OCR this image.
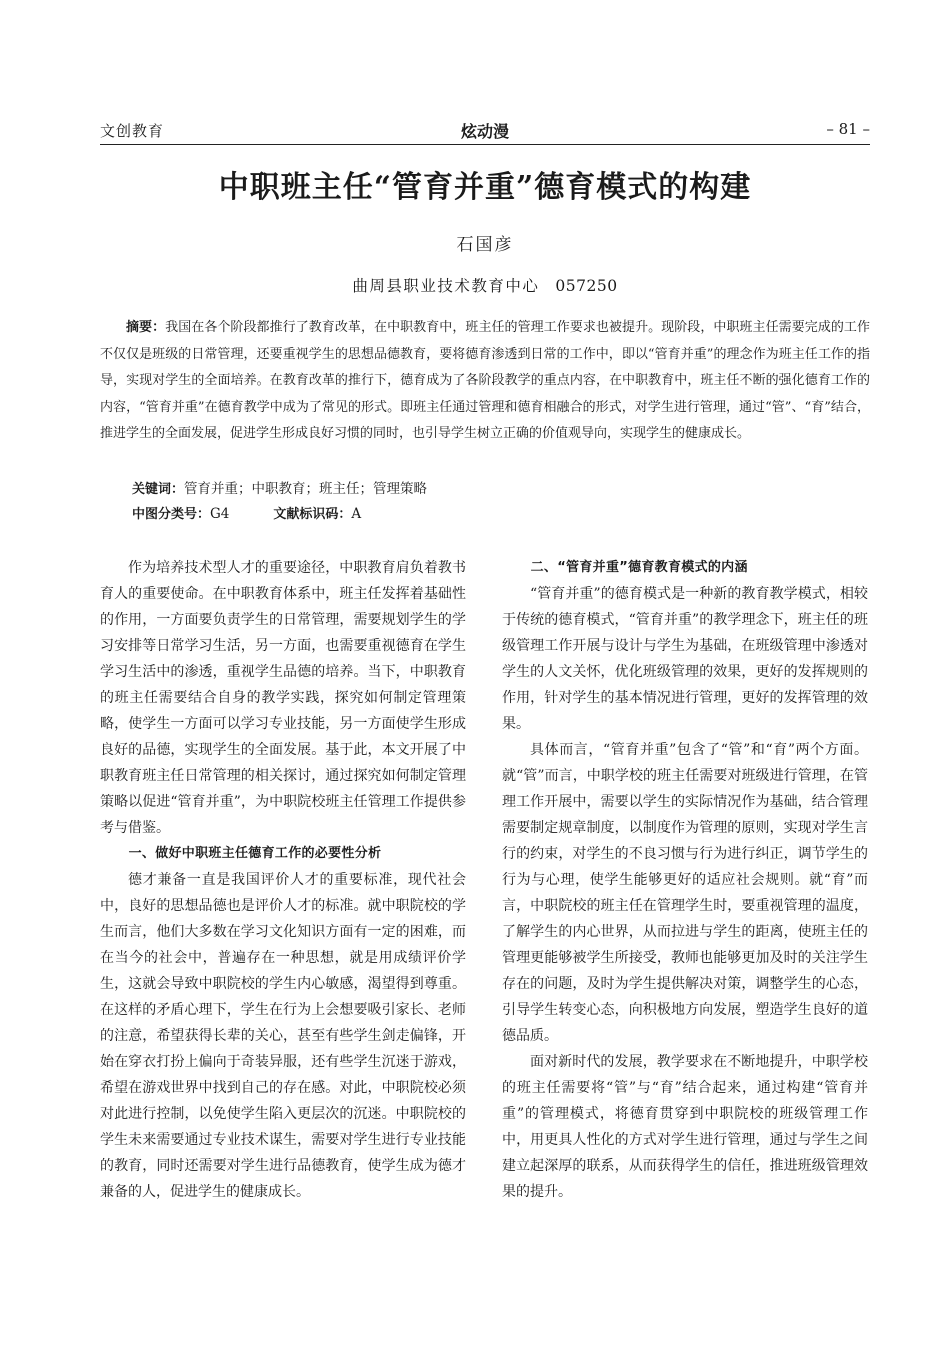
文创教育	炫动漫	– 81 –
中职班主任“管育并重”德育模式的构建
石国彦
曲周县职业技术教育中心 057250

摘要：我国在各个阶段都推行了教育改革，在中职教育中，班主任的管理工作要求也被提升。现阶段，中职班主任需要完成的工作不仅仅是班级的日常管理，还要重视学生的思想品德教育，要将德育渗透到日常的工作中，即以“管育并重”的理念作为班主任工作的指导，实现对学生的全面培养。在教育改革的推行下，德育成为了各阶段教学的重点内容，在中职教育中，班主任不断的强化德育工作的内容，“管育并重”在德育教学中成为了常见的形式。即班主任通过管理和德育相融合的形式，对学生进行管理，通过“管”、“育”结合，推进学生的全面发展，促进学生形成良好习惯的同时，也引导学生树立正确的价值观导向，实现学生的健康成长。

关键词：管育并重；中职教育；班主任；管理策略
中图分类号：G4	文献标识码：A

作为培养技术型人才的重要途径，中职教育肩负着教书育人的重要使命。在中职教育体系中，班主任发挥着基础性的作用，一方面要负责学生的日常管理，需要规划学生的学习安排等日常学习生活，另一方面，也需要重视德育在学生学习生活中的渗透，重视学生品德的培养。当下，中职教育的班主任需要结合自身的教学实践，探究如何制定管理策略，使学生一方面可以学习专业技能，另一方面使学生形成良好的品德，实现学生的全面发展。基于此，本文开展了中职教育班主任日常管理的相关探讨，通过探究如何制定管理策略以促进“管育并重”，为中职院校班主任管理工作提供参考与借鉴。

一、做好中职班主任德育工作的必要性分析

德才兼备一直是我国评价人才的重要标准，现代社会中，良好的思想品德也是评价人才的标准。就中职院校的学生而言，他们大多数在学习文化知识方面有一定的困难，而在当今的社会中，普遍存在一种思想，就是用成绩评价学生，这就会导致中职院校的学生内心敏感，渴望得到尊重。在这样的矛盾心理下，学生在行为上会想要吸引家长、老师的注意，希望获得长辈的关心，甚至有些学生剑走偏锋，开始在穿衣打扮上偏向于奇装异服，还有些学生沉迷于游戏，希望在游戏世界中找到自己的存在感。对此，中职院校必须对此进行控制，以免使学生陷入更层次的沉迷。中职院校的学生未来需要通过专业技术谋生，需要对学生进行专业技能的教育，同时还需要对学生进行品德教育，使学生成为德才兼备的人，促进学生的健康成长。

二、“管育并重”德育教育模式的内涵

“管育并重”的德育模式是一种新的教育教学模式，相较于传统的德育模式，“管育并重”的教学理念下，班主任的班级管理工作开展与设计与学生为基础，在班级管理中渗透对学生的人文关怀，优化班级管理的效果，更好的发挥规则的作用，针对学生的基本情况进行管理，更好的发挥管理的效果。

具体而言，“管育并重”包含了“管”和“育”两个方面。就“管”而言，中职学校的班主任需要对班级进行管理，在管理工作开展中，需要以学生的实际情况作为基础，结合管理需要制定规章制度，以制度作为管理的原则，实现对学生言行的约束，对学生的不良习惯与行为进行纠正，调节学生的行为与心理，使学生能够更好的适应社会规则。就“育”而言，中职院校的班主任在管理学生时，要重视管理的温度，了解学生的内心世界，从而拉进与学生的距离，使班主任的管理更能够被学生所接受，教师也能够更加及时的关注学生存在的问题，及时为学生提供解决对策，调整学生的心态，引导学生转变心态，向积极地方向发展，塑造学生良好的道德品质。

面对新时代的发展，教学要求在不断地提升，中职学校的班主任需要将“管”与“育”结合起来，通过构建“管育并重”的管理模式，将德育贯穿到中职院校的班级管理工作中，用更具人性化的方式对学生进行管理，通过与学生之间建立起深厚的联系，从而获得学生的信任，推进班级管理效果的提升。
